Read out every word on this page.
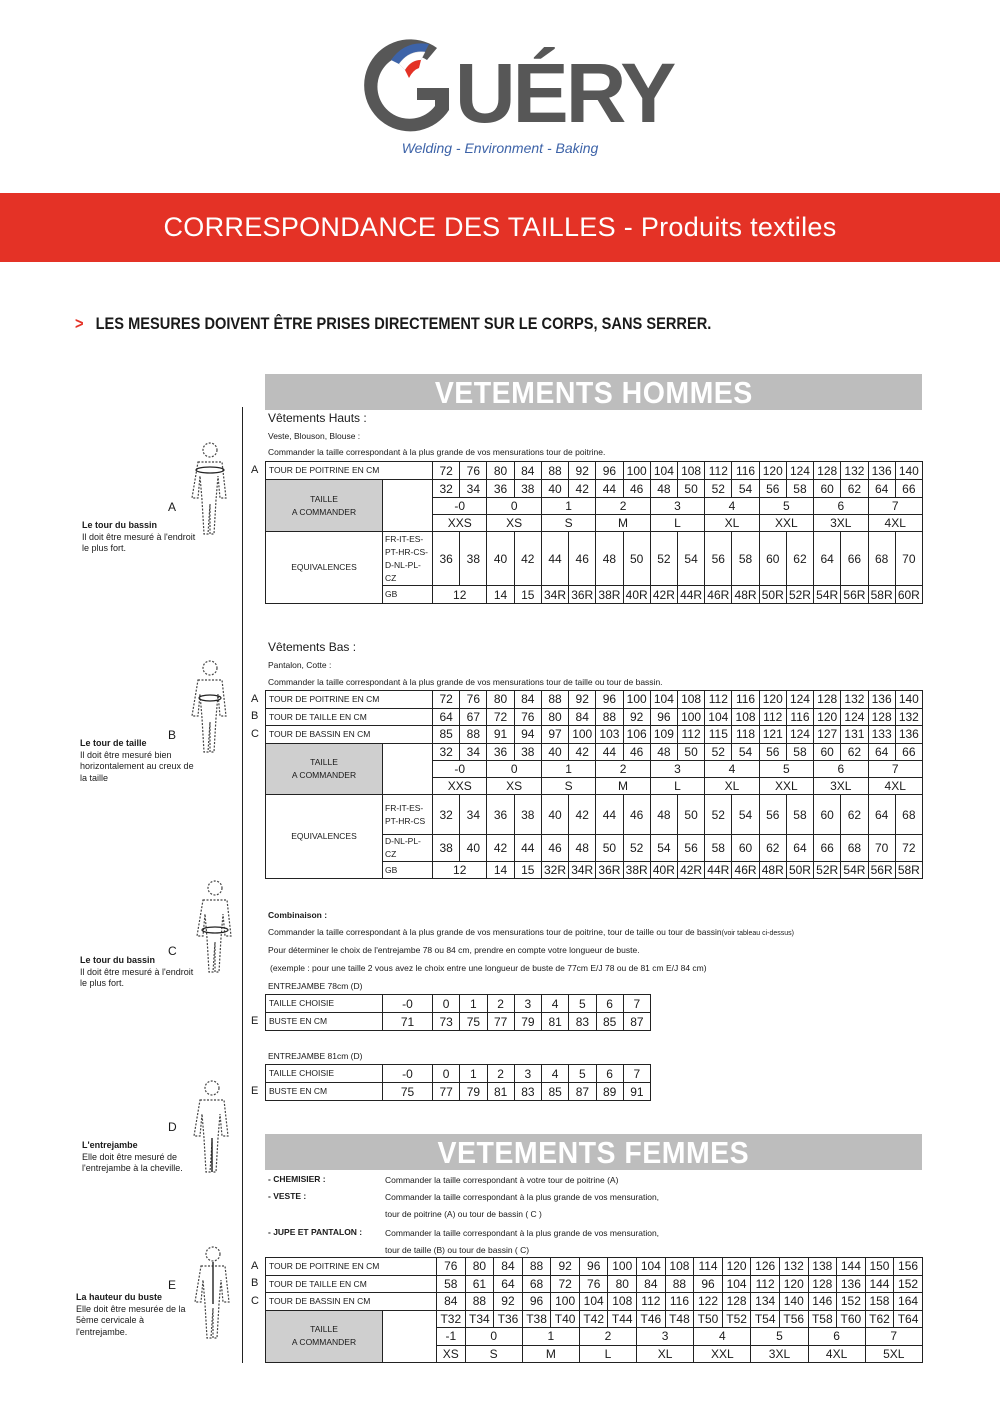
UÉRY
Welding - Environment - Baking
CORRESPONDANCE DES TAILLES - Produits textiles
> LES MESURES DOIVENT ÊTRE PRISES DIRECTEMENT SUR LE CORPS, SANS SERRER.
A
Le tour du bassin
Il doit être mesuré à l'endroit le plus fort.
B
Le tour de taille
Il doit être mesuré bien horizontalement au creux de la taille
C
Le tour du bassin
Il doit être mesuré à l'endroit le plus fort.
D
L'entrejambe
Elle doit être mesuré de l'entrejambe à la cheville.
E
La hauteur du buste
Elle doit être mesurée de la 5ème cervicale à l'entrejambe.
VETEMENTS HOMMES
Vêtements Hauts :
Veste, Blouson, Blouse :
Commander la taille correspondant à la plus grande de vos mensurations tour de poitrine.
A TOUR DE POITRINE EN CM		72	76	80	84	88	92	96	100	104	108	112	116	120	124	128	132	136	140
TAILLE
A COMMANDER		32	34	36	38	40	42	44	46	48	50	52	54	56	58	60	62	64	66
		-0		0		1		2		3		4		5		6		7	
		XXS		XS		S		M		L		XL		XXL		3XL		4XL	
EQUIVALENCES	FR-IT-ES-PT-HR-CS-D-NL-PL-CZ	36	38	40	42	44	46	48	50	52	54	56	58	60	62	64	66	68	70
	GB	12		14	15	34R	36R	38R	40R	42R	44R	46R	48R	50R	52R	54R	56R	58R	60R
Vêtements Bas :
Pantalon, Cotte :
Commander la taille correspondant à la plus grande de vos mensurations tour de taille ou tour de bassin.
A
B
C
TOUR DE POITRINE EN CM		72	76	80	84	88	92	96	100	104	108	112	116	120	124	128	132	136	140
TOUR DE TAILLE EN CM		64	67	72	76	80	84	88	92	96	100	104	108	112	116	120	124	128	132
TOUR DE BASSIN EN CM		85	88	91	94	97	100	103	106	109	112	115	118	121	124	127	131	133	136
TAILLE
A COMMANDER		32	34	36	38	40	42	44	46	48	50	52	54	56	58	60	62	64	66
		-0		0		1		2		3		4		5		6		7	
		XXS		XS		S		M		L		XL		XXL		3XL		4XL	
EQUIVALENCES	FR-IT-ES-PT-HR-CS	32	34	36	38	40	42	44	46	48	50	52	54	56	58	60	62	64	68
	D-NL-PL-CZ	38	40	42	44	46	48	50	52	54	56	58	60	62	64	66	68	70	72
	GB	12		14	15	32R	34R	36R	38R	40R	42R	44R	46R	48R	50R	52R	54R	56R	58R
Combinaison :
Commander la taille correspondant à la plus grande de vos mensurations tour de poitrine, tour de taille ou tour de bassin(voir tableau ci-dessus)
Pour déterminer le choix de l'entrejambe 78 ou 84 cm, prendre en compte votre longueur de buste.
(exemple : pour une taille 2 vous avez le choix entre une longueur de buste de 77cm E/J 78 ou de 81 cm E/J 84 cm)
ENTREJAMBE 78cm (D)
E
TAILLE CHOISIE	-0	0	1	2	3	4	5	6	7
BUSTE EN CM	71	73	75	77	79	81	83	85	87
ENTREJAMBE 81cm (D)
E
TAILLE CHOISIE	-0	0	1	2	3	4	5	6	7
BUSTE EN CM	75	77	79	81	83	85	87	89	91
VETEMENTS FEMMES
- CHEMISIER :	Commander la taille correspondant à votre tour de poitrine (A)
- VESTE :	Commander la taille correspondant à la plus grande de vos mensuration,
tour de poitrine (A) ou tour de bassin ( C )
- JUPE ET PANTALON :	Commander la taille correspondant à la plus grande de vos mensuration,
tour de taille (B) ou tour de bassin ( C)
A
B
C
TOUR DE POITRINE EN CM		76	80	84	88	92	96	100	104	108	114	120	126	132	138	144	150	156
TOUR DE TAILLE EN CM		58	61	64	68	72	76	80	84	88	96	104	112	120	128	136	144	152
TOUR DE BASSIN EN CM		84	88	92	96	100	104	108	112	116	122	128	134	140	146	152	158	164
TAILLE
A COMMANDER		T32	T34	T36	T38	T40	T42	T44	T46	T48	T50	T52	T54	T56	T58	T60	T62	T64
		-1	0		1		2		3		4		5		6		7	
		XS	S		M		L		XL		XXL		3XL		4XL		5XL	
